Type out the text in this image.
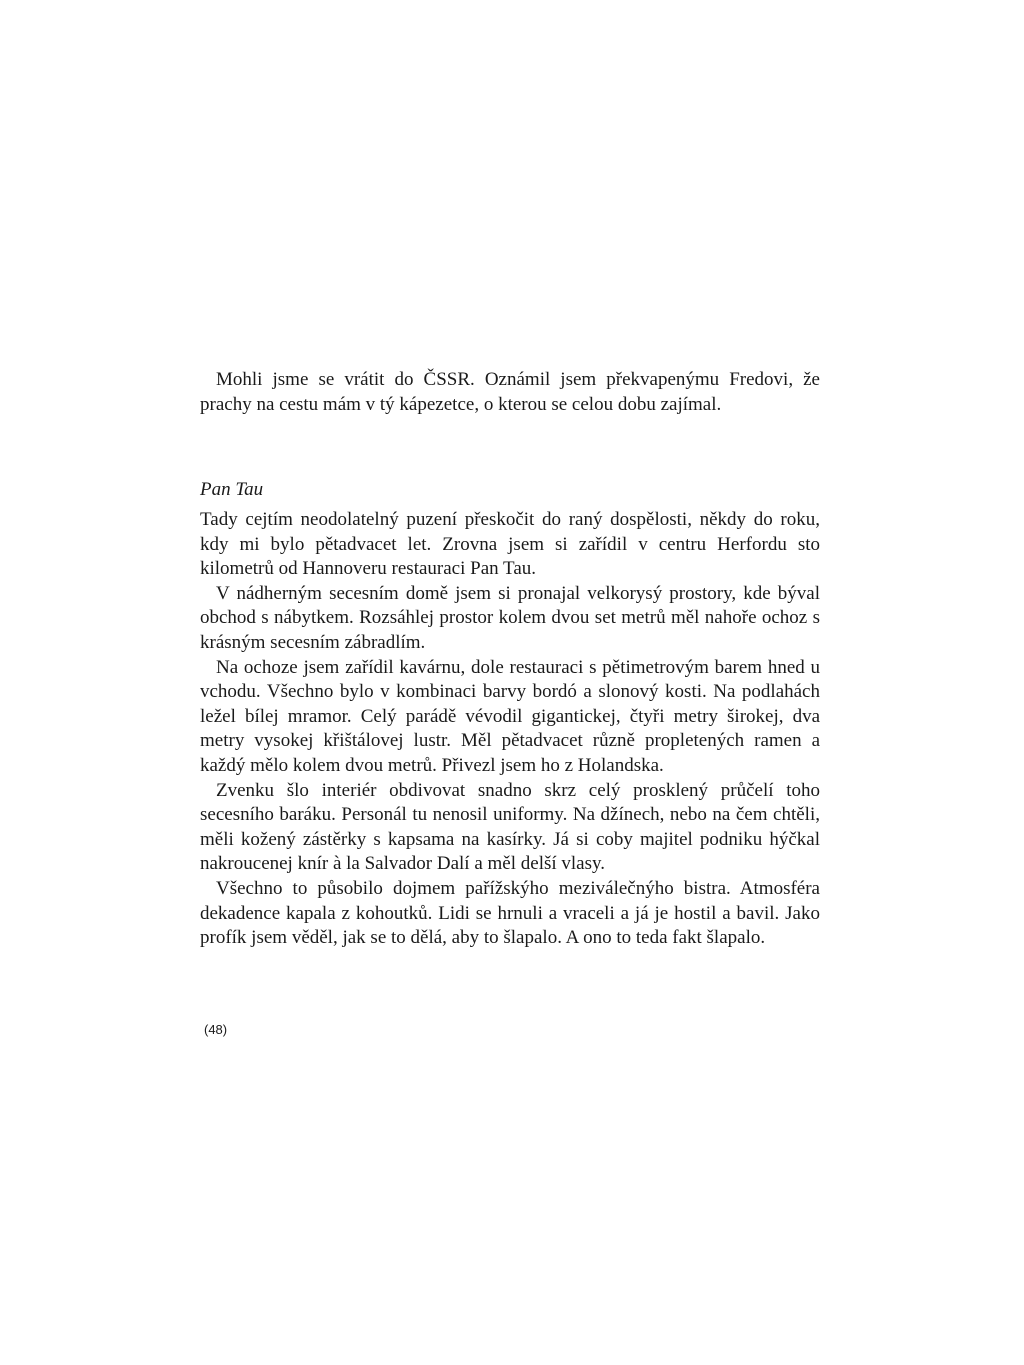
Mohli jsme se vrátit do ČSSR. Oznámil jsem překvapenýmu Fredovi, že prachy na cestu mám v tý kápezetce, o kterou se celou dobu zajímal.

Pan Tau

Tady cejtím neodolatelný puzení přeskočit do raný dospělosti, někdy do roku, kdy mi bylo pětadvacet let. Zrovna jsem si zařídil v centru Herfordu sto kilometrů od Hannoveru restauraci Pan Tau.

V nádherným secesním domě jsem si pronajal velkorysý prostory, kde býval obchod s nábytkem. Rozsáhlej prostor kolem dvou set metrů měl nahoře ochoz s krásným secesním zábradlím.

Na ochoze jsem zařídil kavárnu, dole restauraci s pětimetrovým barem hned u vchodu. Všechno bylo v kombinaci barvy bordó a slonový kosti. Na podlahách ležel bílej mramor. Celý parádě vévodil gigantickej, čtyři metry širokej, dva metry vysokej křištálovej lustr. Měl pětadvacet různě propletených ramen a každý mělo kolem dvou metrů. Přivezl jsem ho z Holandska.

Zvenku šlo interiér obdivovat snadno skrz celý prosklený průčelí toho secesního baráku. Personál tu nenosil uniformy. Na džínech, nebo na čem chtěli, měli kožený zástěrky s kapsama na kasírky. Já si coby majitel podniku hýčkal nakroucenej knír à la Salvador Dalí a měl delší vlasy.

Všechno to působilo dojmem pařížskýho meziválečnýho bistra. Atmosféra dekadence kapala z kohoutků. Lidi se hrnuli a vraceli a já je hostil a bavil. Jako profík jsem věděl, jak se to dělá, aby to šlapalo. A ono to teda fakt šlapalo.

(48)
